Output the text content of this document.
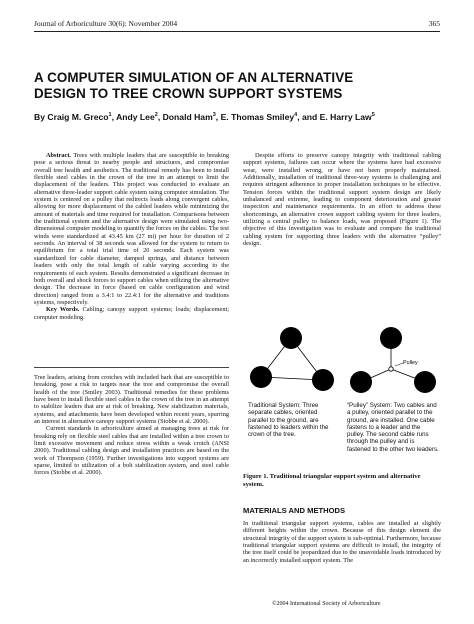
Journal of Arboriculture 30(6): November 2004	365
A COMPUTER SIMULATION OF AN ALTERNATIVE
DESIGN TO TREE CROWN SUPPORT SYSTEMS
By Craig M. Greco$^1$, Andy Lee$^2$, Donald Ham$^3$, E. Thomas Smiley$^4$, and E. Harry Law$^5$

Abstract. Trees with multiple leaders that are susceptible to breaking pose a serious threat to nearby people and structures, and compromise overall tree health and aesthetics. The traditional remedy has been to install flexible steel cables in the crown of the tree in an attempt to limit the displacement of the leaders. This project was conducted to evaluate an alternative three-leader support cable system using computer simulation. The system is centered on a pulley that redirects loads along convergent cables, allowing for more displacement of the cabled leaders while minimizing the amount of materials and time required for installation. Comparisons between the traditional system and the alternative design were simulated using two-dimensional computer modeling to quantify the forces on the cables. The test winds were standardized at 43.45 km (27 mi) per hour for duration of 2 seconds. An interval of 38 seconds was allowed for the system to return to equilibrium for a total trial time of 20 seconds. Each system was standardized for cable diameter, damped springs, and distance between leaders with only the total length of cable varying according to the requirements of each system. Results demonstrated a significant decrease in both overall and shock forces to support cables when utilizing the alternative design. The decrease in force (based on cable configuration and wind direction) ranged from a 3.4:1 to 22.4:1 for the alternative and traditions systems, respectively.

Key Words. Cabling; canopy support systems; loads; displacement; computer modeling.

Tree leaders, arising from crotches with included bark that are susceptible to breaking, pose a risk to targets near the tree and compromise the overall health of the tree (Smiley 2003). Traditional remedies for these problems have been to install flexible steel cables in the crown of the tree in an attempt to stabilize leaders that are at risk of breaking. New stabilization materials, systems, and attachments have been developed within recent years, spurring an interest in alternative canopy support systems (Stobbe et al. 2000).

Current standards in arboriculture aimed at managing trees at risk for breaking rely on flexible steel cables that are installed within a tree crown to limit excessive movement and reduce stress within a weak crotch (ANSI 2000). Traditional cabling design and installation practices are based on the work of Thompson (1959). Further investigations into support systems are sparse, limited to utilization of a bolt stabilization system, and steel cable forces (Stobbe et al. 2000).

Despite efforts to preserve canopy integrity with traditional cabling support systems, failures can occur where the systems have had excessive wear, were installed wrong, or have not been properly maintained. Additionally, installation of traditional three-way systems is challenging and requires stringent adherence to proper installation techniques to be effective. Tension forces within the traditional support system design are likely unbalanced and extreme, leading to component deterioration and greater inspection and maintenance requirements. In an effort to address these shortcomings, an alternative crown support cabling system for three leaders, utilizing a central pulley to balance loads, was proposed (Figure 1). The objective of this investigation was to evaluate and compare the traditional cabling system for supporting three leaders with the alternative “pulley” design.

Pulley
Traditional System: Three separate cables, oriented parallel to the ground, are fastened to leaders within the crown of the tree.
“Pulley” System: Two cables and a pulley, oriented parallel to the ground, are installed. One cable fastens to a leader and the pulley. The second cable runs through the pulley and is fastened to the other two leaders.
Figure 1. Traditional triangular support system and alternative system.
MATERIALS AND METHODS

In traditional triangular support systems, cables are installed at slightly different heights within the crown. Because of this design element the structural integrity of the support system is sub-optimal. Furthermore, because traditional triangular support systems are difficult to install, the integrity of the tree itself could be jeopardized due to the unavoidable loads introduced by an incorrectly installed support system. The

©2004 International Society of Arboriculture
